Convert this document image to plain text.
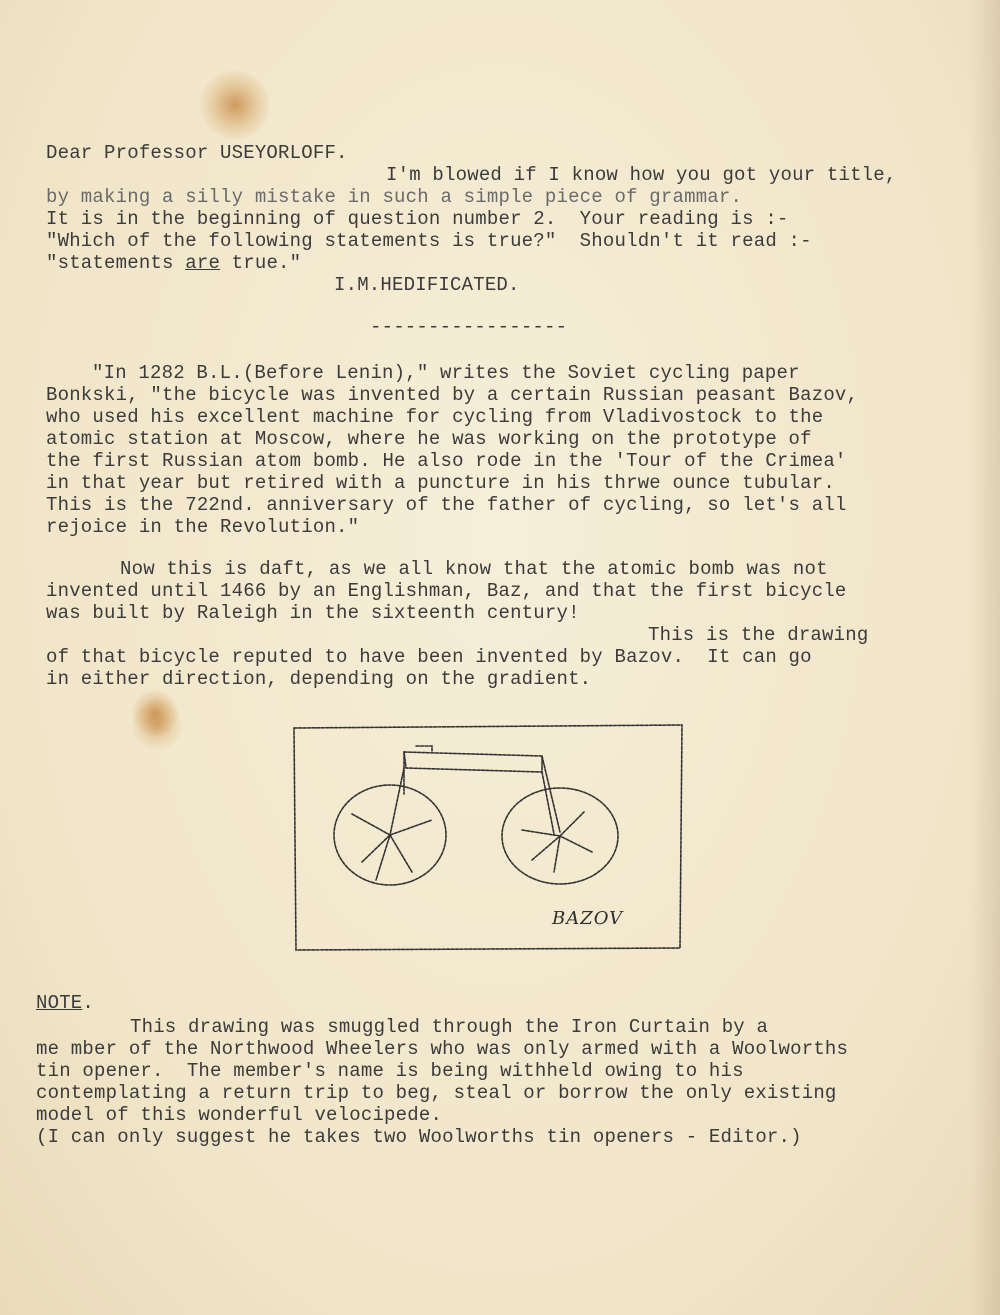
Dear Professor USEYORLOFF.
I'm blowed if I know how you got your title,
by making a silly mistake in such a simple piece of grammar.
It is in the beginning of question number 2.  Your reading is :-
"Which of the following statements is true?"  Shouldn't it read :-
"statements are true."
I.M.HEDIFICATED.
-----------------
"In 1282 B.L.(Before Lenin)," writes the Soviet cycling paper
Bonkski, "the bicycle was invented by a certain Russian peasant Bazov,
who used his excellent machine for cycling from Vladivostock to the
atomic station at Moscow, where he was working on the prototype of
the first Russian atom bomb. He also rode in the 'Tour of the Crimea'
in that year but retired with a puncture in his thrwe ounce tubular.
This is the 722nd. anniversary of the father of cycling, so let's all
rejoice in the Revolution."
Now this is daft, as we all know that the atomic bomb was not
invented until 1466 by an Englishman, Baz, and that the first bicycle
was built by Raleigh in the sixteenth century!
This is the drawing
of that bicycle reputed to have been invented by Bazov.  It can go
in either direction, depending on the gradient.
BAZOV
NOTE.
This drawing was smuggled through the Iron Curtain by a
me mber of the Northwood Wheelers who was only armed with a Woolworths
tin opener.  The member's name is being withheld owing to his
contemplating a return trip to beg, steal or borrow the only existing
model of this wonderful velocipede.
(I can only suggest he takes two Woolworths tin openers - Editor.)
